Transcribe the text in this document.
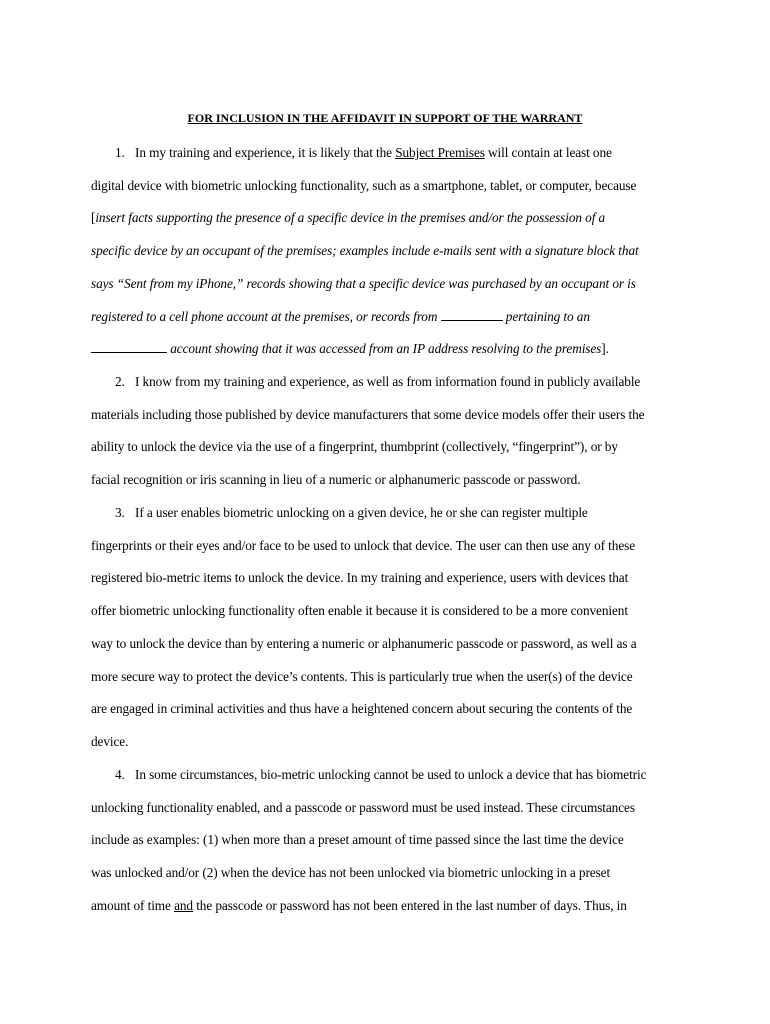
FOR INCLUSION IN THE AFFIDAVIT IN SUPPORT OF THE WARRANT
1. In my training and experience, it is likely that the Subject Premises will contain at least one
digital device with biometric unlocking functionality, such as a smartphone, tablet, or computer, because
[insert facts supporting the presence of a specific device in the premises and/or the possession of a
specific device by an occupant of the premises; examples include e-mails sent with a signature block that
says “Sent from my iPhone,” records showing that a specific device was purchased by an occupant or is
registered to a cell phone account at the premises, or records from	pertaining to an
account showing that it was accessed from an IP address resolving to the premises].
2. I know from my training and experience, as well as from information found in publicly available
materials including those published by device manufacturers that some device models offer their users the
ability to unlock the device via the use of a fingerprint, thumbprint (collectively, “fingerprint”), or by
facial recognition or iris scanning in lieu of a numeric or alphanumeric passcode or password.
3. If a user enables biometric unlocking on a given device, he or she can register multiple
fingerprints or their eyes and/or face to be used to unlock that device. The user can then use any of these
registered bio-metric items to unlock the device. In my training and experience, users with devices that
offer biometric unlocking functionality often enable it because it is considered to be a more convenient
way to unlock the device than by entering a numeric or alphanumeric passcode or password, as well as a
more secure way to protect the device’s contents. This is particularly true when the user(s) of the device
are engaged in criminal activities and thus have a heightened concern about securing the contents of the
device.
4. In some circumstances, bio-metric unlocking cannot be used to unlock a device that has biometric
unlocking functionality enabled, and a passcode or password must be used instead. These circumstances
include as examples: (1) when more than a preset amount of time passed since the last time the device
was unlocked and/or (2) when the device has not been unlocked via biometric unlocking in a preset
amount of time and the passcode or password has not been entered in the last number of days. Thus, in
